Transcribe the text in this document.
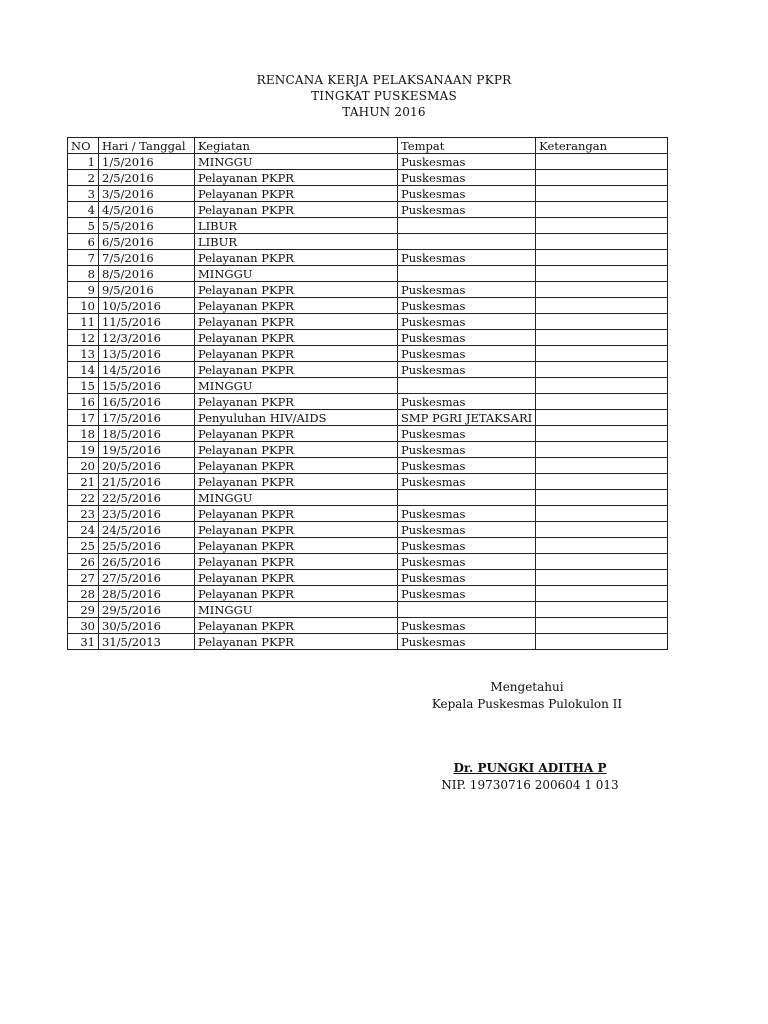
RENCANA KERJA PELAKSANAAN PKPR
TINGKAT PUSKESMAS
TAHUN 2016
NO	Hari / Tanggal	Kegiatan	Tempat	Keterangan
1	1/5/2016	MINGGU	Puskesmas	
2	2/5/2016	Pelayanan PKPR	Puskesmas	
3	3/5/2016	Pelayanan PKPR	Puskesmas	
4	4/5/2016	Pelayanan PKPR	Puskesmas	
5	5/5/2016	LIBUR		
6	6/5/2016	LIBUR		
7	7/5/2016	Pelayanan PKPR	Puskesmas	
8	8/5/2016	MINGGU		
9	9/5/2016	Pelayanan PKPR	Puskesmas	
10	10/5/2016	Pelayanan PKPR	Puskesmas	
11	11/5/2016	Pelayanan PKPR	Puskesmas	
12	12/3/2016	Pelayanan PKPR	Puskesmas	
13	13/5/2016	Pelayanan PKPR	Puskesmas	
14	14/5/2016	Pelayanan PKPR	Puskesmas	
15	15/5/2016	MINGGU		
16	16/5/2016	Pelayanan PKPR	Puskesmas	
17	17/5/2016	Penyuluhan HIV/AIDS	SMP PGRI JETAKSARI	
18	18/5/2016	Pelayanan PKPR	Puskesmas	
19	19/5/2016	Pelayanan PKPR	Puskesmas	
20	20/5/2016	Pelayanan PKPR	Puskesmas	
21	21/5/2016	Pelayanan PKPR	Puskesmas	
22	22/5/2016	MINGGU		
23	23/5/2016	Pelayanan PKPR	Puskesmas	
24	24/5/2016	Pelayanan PKPR	Puskesmas	
25	25/5/2016	Pelayanan PKPR	Puskesmas	
26	26/5/2016	Pelayanan PKPR	Puskesmas	
27	27/5/2016	Pelayanan PKPR	Puskesmas	
28	28/5/2016	Pelayanan PKPR	Puskesmas	
29	29/5/2016	MINGGU		
30	30/5/2016	Pelayanan PKPR	Puskesmas	
31	31/5/2013	Pelayanan PKPR	Puskesmas	
Mengetahui
Kepala Puskesmas Pulokulon II
Dr. PUNGKI ADITHA P
NIP. 19730716 200604 1 013
